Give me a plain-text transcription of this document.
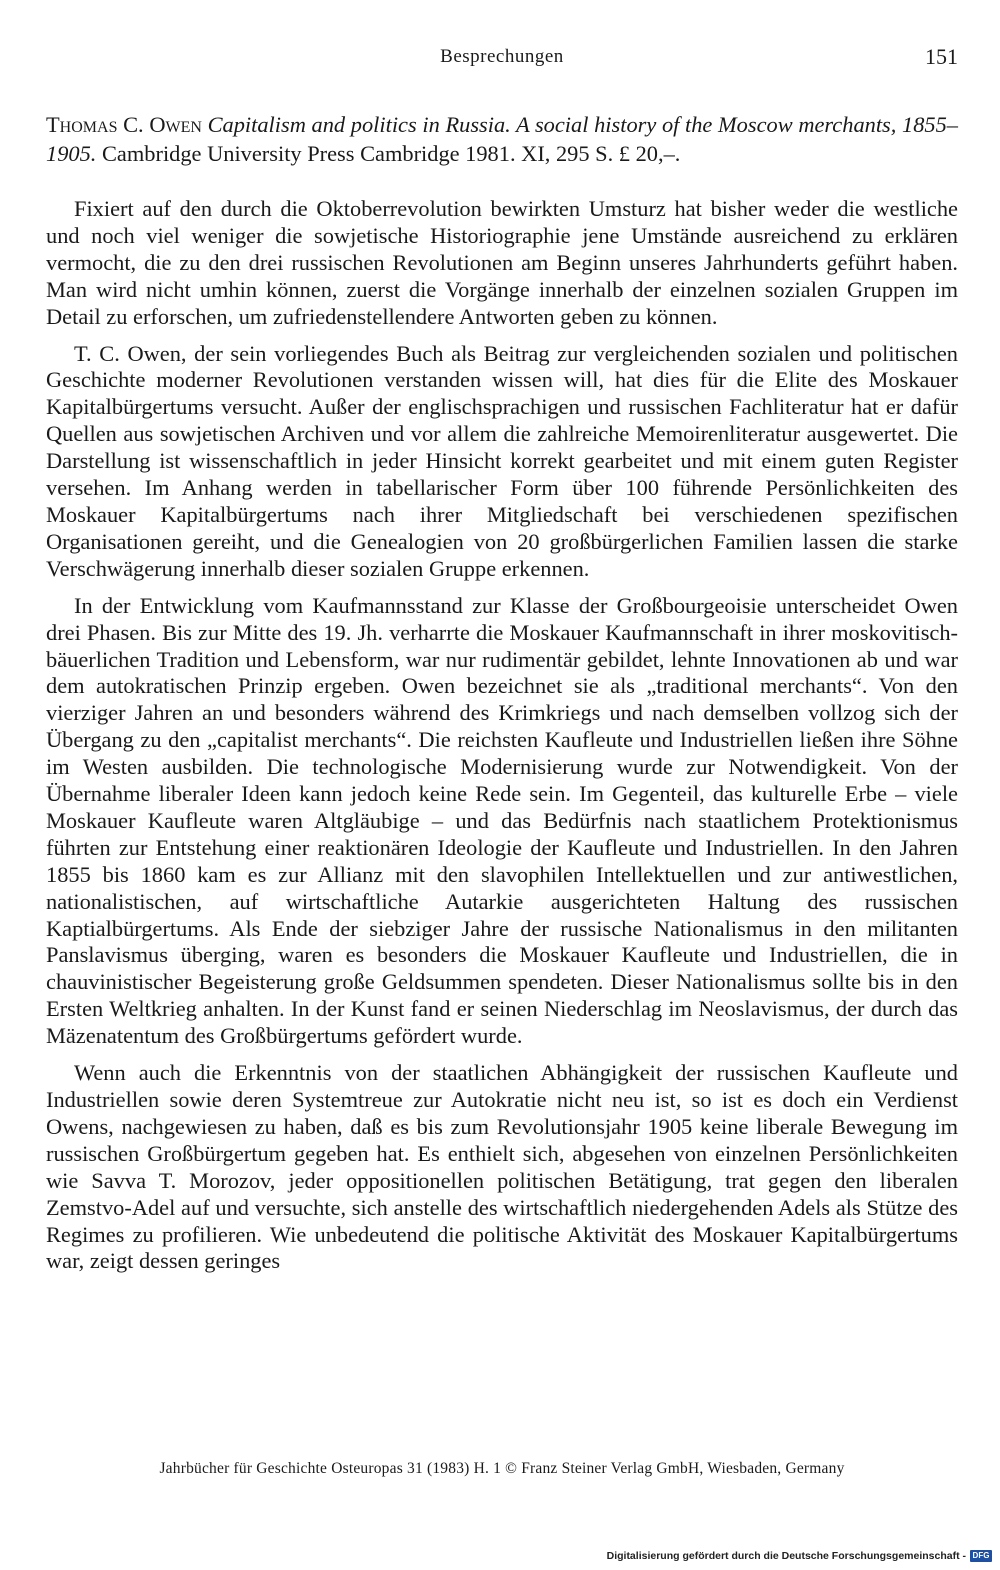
Besprechungen	151
Thomas C. Owen Capitalism and politics in Russia. A social history of the Moscow merchants, 1855–1905. Cambridge University Press Cambridge 1981. XI, 295 S. £ 20,–.

Fixiert auf den durch die Oktoberrevolution bewirkten Umsturz hat bisher weder die westliche und noch viel weniger die sowjetische Historiographie jene Umstände ausreichend zu erklären vermocht, die zu den drei russischen Revolutionen am Beginn unseres Jahrhunderts geführt haben. Man wird nicht umhin können, zuerst die Vorgänge innerhalb der einzelnen sozialen Gruppen im Detail zu erforschen, um zufriedenstellendere Antworten geben zu können.

T. C. Owen, der sein vorliegendes Buch als Beitrag zur vergleichenden sozialen und politischen Geschichte moderner Revolutionen verstanden wissen will, hat dies für die Elite des Moskauer Kapitalbürgertums versucht. Außer der englischsprachigen und russischen Fachliteratur hat er dafür Quellen aus sowjetischen Archiven und vor allem die zahlreiche Memoirenliteratur ausgewertet. Die Darstellung ist wissenschaftlich in jeder Hinsicht korrekt gearbeitet und mit einem guten Register versehen. Im Anhang werden in tabellarischer Form über 100 führende Persönlichkeiten des Moskauer Kapitalbürgertums nach ihrer Mitgliedschaft bei verschiedenen spezifischen Organisationen gereiht, und die Genealogien von 20 großbürgerlichen Familien lassen die starke Verschwägerung innerhalb dieser sozialen Gruppe erkennen.

In der Entwicklung vom Kaufmannsstand zur Klasse der Großbourgeoisie unterscheidet Owen drei Phasen. Bis zur Mitte des 19. Jh. verharrte die Moskauer Kaufmannschaft in ihrer moskovitisch-bäuerlichen Tradition und Lebensform, war nur rudimentär gebildet, lehnte Innovationen ab und war dem autokratischen Prinzip ergeben. Owen bezeichnet sie als „traditional merchants“. Von den vierziger Jahren an und besonders während des Krimkriegs und nach demselben vollzog sich der Übergang zu den „capitalist merchants“. Die reichsten Kaufleute und Industriellen ließen ihre Söhne im Westen ausbilden. Die technologische Modernisierung wurde zur Notwendigkeit. Von der Übernahme liberaler Ideen kann jedoch keine Rede sein. Im Gegenteil, das kulturelle Erbe – viele Moskauer Kaufleute waren Altgläubige – und das Bedürfnis nach staatlichem Protektionismus führten zur Entstehung einer reaktionären Ideologie der Kaufleute und Industriellen. In den Jahren 1855 bis 1860 kam es zur Allianz mit den slavophilen Intellektuellen und zur antiwestlichen, nationalistischen, auf wirtschaftliche Autarkie ausgerichteten Haltung des russischen Kaptialbürgertums. Als Ende der siebziger Jahre der russische Nationalismus in den militanten Panslavismus überging, waren es besonders die Moskauer Kaufleute und Industriellen, die in chauvinistischer Begeisterung große Geldsummen spendeten. Dieser Nationalismus sollte bis in den Ersten Weltkrieg anhalten. In der Kunst fand er seinen Niederschlag im Neoslavismus, der durch das Mäzenatentum des Großbürgertums gefördert wurde.

Wenn auch die Erkenntnis von der staatlichen Abhängigkeit der russischen Kaufleute und Industriellen sowie deren Systemtreue zur Autokratie nicht neu ist, so ist es doch ein Verdienst Owens, nachgewiesen zu haben, daß es bis zum Revolutionsjahr 1905 keine liberale Bewegung im russischen Großbürgertum gegeben hat. Es enthielt sich, abgesehen von einzelnen Persönlichkeiten wie Savva T. Morozov, jeder oppositionellen politischen Betätigung, trat gegen den liberalen Zemstvo-Adel auf und versuchte, sich anstelle des wirtschaftlich niedergehenden Adels als Stütze des Regimes zu profilieren. Wie unbedeutend die politische Aktivität des Moskauer Kapitalbürgertums war, zeigt dessen geringes

Jahrbücher für Geschichte Osteuropas 31 (1983) H. 1 © Franz Steiner Verlag GmbH, Wiesbaden, Germany
Digitalisierung gefördert durch die Deutsche Forschungsgemeinschaft - DFG
